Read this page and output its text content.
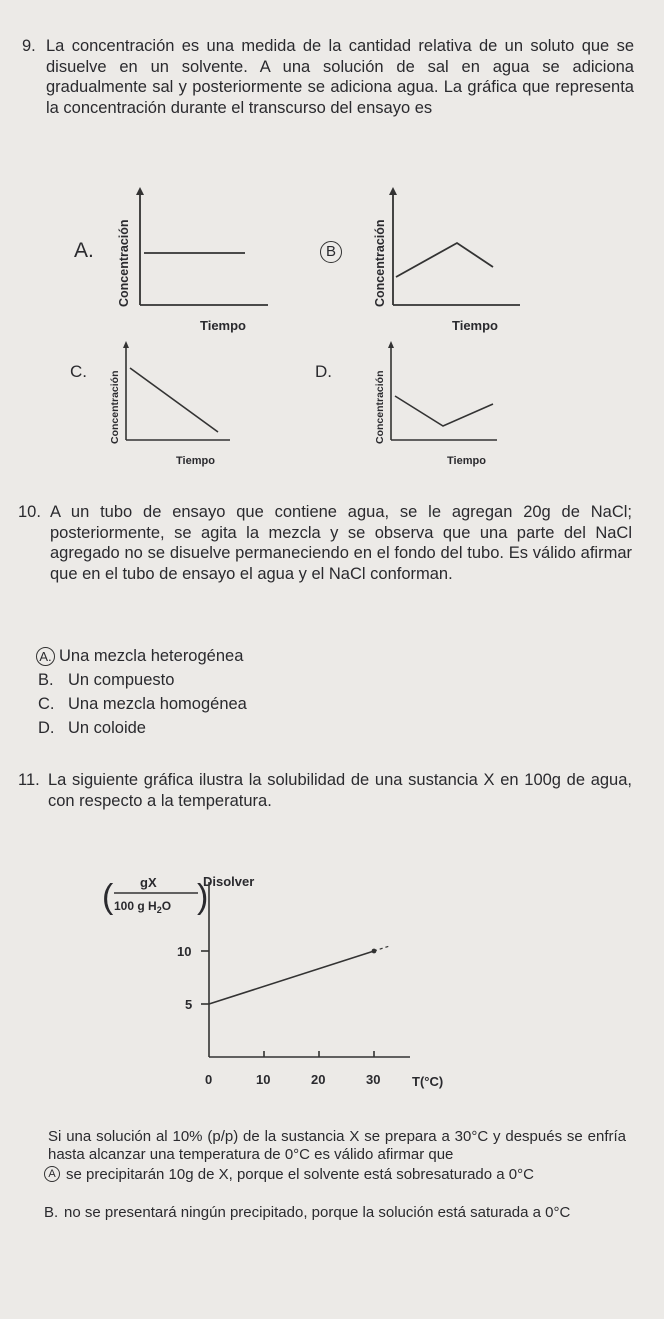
9. La concentración es una medida de la cantidad relativa de un soluto que se disuelve en un solvente. A una solución de sal en agua se adiciona gradualmente sal y posteriormente se adiciona agua. La gráfica que representa la concentración durante el transcurso del ensayo es
A. Concentración
Tiempo
B	Concentración
Tiempo
C. Concentración
Tiempo
D.	Concentración
Tiempo
10. A un tubo de ensayo que contiene agua, se le agregan 20g de NaCl; posteriormente, se agita la mezcla y se observa que una parte del NaCl agregado no se disuelve permaneciendo en el fondo del tubo. Es válido afirmar que en el tubo de ensayo el agua y el NaCl conforman.
A. Una mezcla heterogénea
B. Un compuesto
C. Una mezcla homogénea
D. Un coloide
11. La siguiente gráfica ilustra la solubilidad de una sustancia X en 100g de agua, con respecto a la temperatura.
( gX
100 g $H_2O$ )
Disolver
0	10	20	30
5
10
T(°C)
Si una solución al 10% (p/p) de la sustancia X se prepara a 30°C y después se enfría hasta alcanzar una temperatura de 0°C es válido afirmar que
A se precipitarán 10g de X, porque el solvente está sobresaturado a 0°C
B. no se presentará ningún precipitado, porque la solución está saturada a 0°C
